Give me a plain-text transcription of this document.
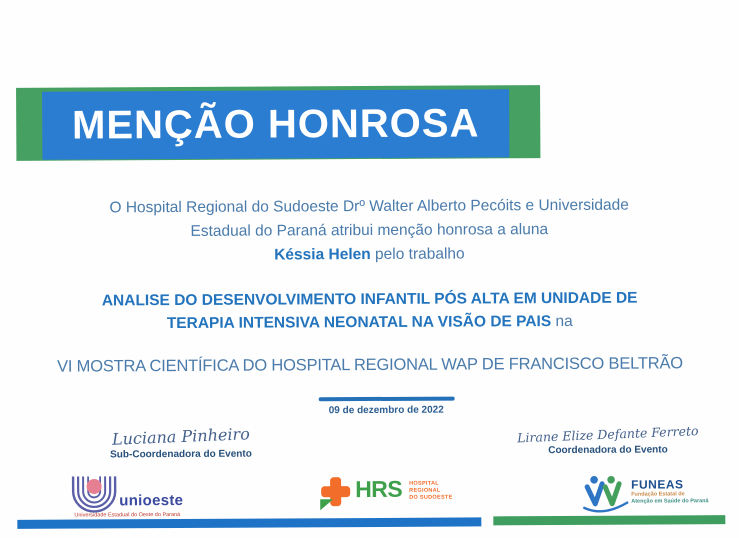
MENÇÃO HONROSA

O Hospital Regional do Sudoeste Drº Walter Alberto Pecóits e Universidade
Estadual do Paraná atribui menção honrosa a aluna
Késsia Helen pelo trabalho

ANALISE DO DESENVOLVIMENTO INFANTIL PÓS ALTA EM UNIDADE DE
TERAPIA INTENSIVA NEONATAL NA VISÃO DE PAIS na

VI MOSTRA CIENTÍFICA DO HOSPITAL REGIONAL WAP DE FRANCISCO BELTRÃO

09 de dezembro de 2022
Luciana Pinheiro
Sub-Coordenadora do Evento
Lirane Elize Defante Ferreto
Coordenadora do Evento
unioeste
Universidade Estadual do Oeste do Paraná
HRS HOSPITAL
REGIONAL
DO SUDOESTE
FUNEAS
Fundação Estatal de
Atenção em Saúde do Paraná
